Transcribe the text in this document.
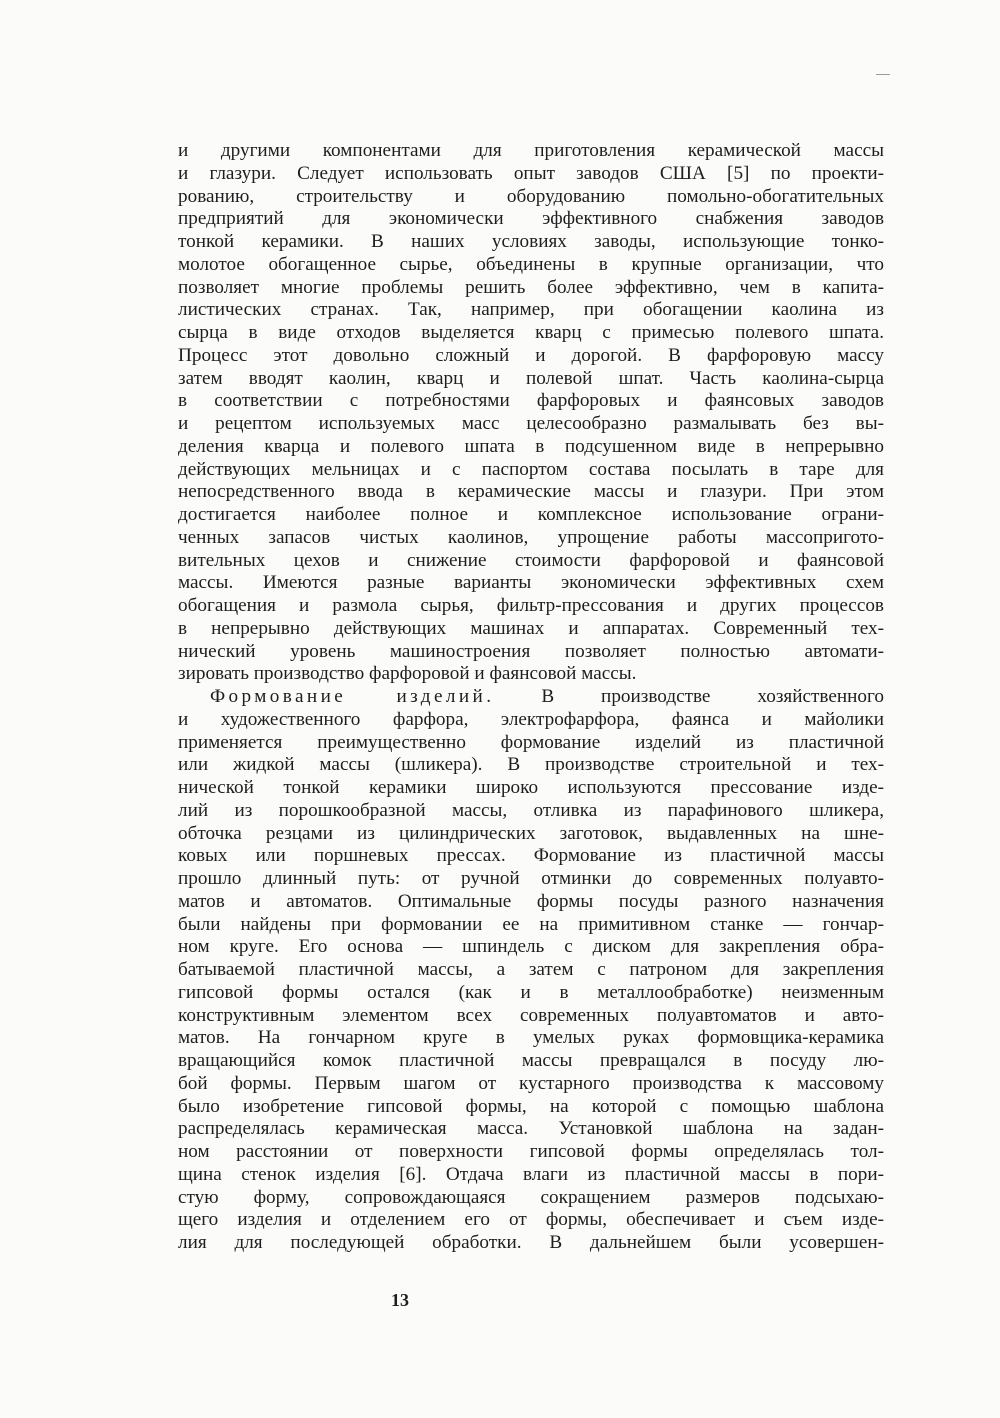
и другими компонентами для приготовления керамической массы
и глазури. Следует использовать опыт заводов США [5] по проекти-
рованию, строительству и оборудованию помольно-обогатительных
предприятий для экономически эффективного снабжения заводов
тонкой керамики. В наших условиях заводы, использующие тонко-
молотое обогащенное сырье, объединены в крупные организации, что
позволяет многие проблемы решить более эффективно, чем в капита-
листических странах. Так, например, при обогащении каолина из
сырца в виде отходов выделяется кварц с примесью полевого шпата.
Процесс этот довольно сложный и дорогой. В фарфоровую массу
затем вводят каолин, кварц и полевой шпат. Часть каолина-сырца
в соответствии с потребностями фарфоровых и фаянсовых заводов
и рецептом используемых масс целесообразно размалывать без вы-
деления кварца и полевого шпата в подсушенном виде в непрерывно
действующих мельницах и с паспортом состава посылать в таре для
непосредственного ввода в керамические массы и глазури. При этом
достигается наиболее полное и комплексное использование ограни-
ченных запасов чистых каолинов, упрощение работы массопригото-
вительных цехов и снижение стоимости фарфоровой и фаянсовой
массы. Имеются разные варианты экономически эффективных схем
обогащения и размола сырья, фильтр-прессования и других процессов
в непрерывно действующих машинах и аппаратах. Современный тех-
нический уровень машиностроения позволяет полностью автомати-
зировать производство фарфоровой и фаянсовой массы.
Формование изделий. В производстве хозяйственного
и художественного фарфора, электрофарфора, фаянса и майолики
применяется преимущественно формование изделий из пластичной
или жидкой массы (шликера). В производстве строительной и тех-
нической тонкой керамики широко используются прессование изде-
лий из порошкообразной массы, отливка из парафинового шликера,
обточка резцами из цилиндрических заготовок, выдавленных на шне-
ковых или поршневых прессах. Формование из пластичной массы
прошло длинный путь: от ручной отминки до современных полуавто-
матов и автоматов. Оптимальные формы посуды разного назначения
были найдены при формовании ее на примитивном станке — гончар-
ном круге. Его основа — шпиндель с диском для закрепления обра-
батываемой пластичной массы, а затем с патроном для закрепления
гипсовой формы остался (как и в металлообработке) неизменным
конструктивным элементом всех современных полуавтоматов и авто-
матов. На гончарном круге в умелых руках формовщика-керамика
вращающийся комок пластичной массы превращался в посуду лю-
бой формы. Первым шагом от кустарного производства к массовому
было изобретение гипсовой формы, на которой с помощью шаблона
распределялась керамическая масса. Установкой шаблона на задан-
ном расстоянии от поверхности гипсовой формы определялась тол-
щина стенок изделия [6]. Отдача влаги из пластичной массы в пори-
стую форму, сопровождающаяся сокращением размеров подсыхаю-
щего изделия и отделением его от формы, обеспечивает и съем изде-
лия для последующей обработки. В дальнейшем были усовершен-
13
